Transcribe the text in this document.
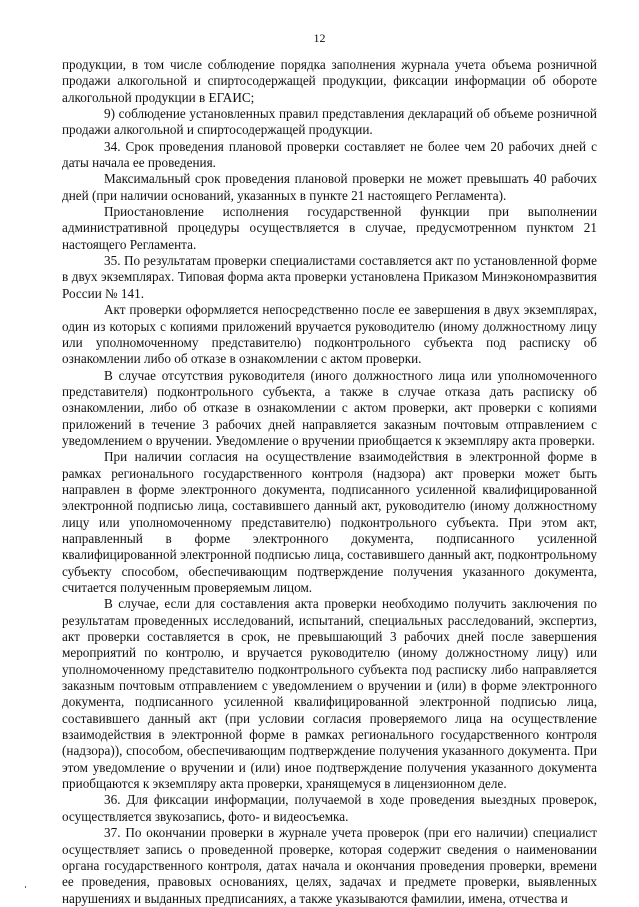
12

продукции, в том числе соблюдение порядка заполнения журнала учета объема розничной продажи алкогольной и спиртосодержащей продукции, фиксации информации об обороте алкогольной продукции в ЕГАИС;

9) соблюдение установленных правил представления деклараций об объеме розничной продажи алкогольной и спиртосодержащей продукции.

34. Срок проведения плановой проверки составляет не более чем 20 рабочих дней с даты начала ее проведения.

Максимальный срок проведения плановой проверки не может превышать 40 рабочих дней (при наличии оснований, указанных в пункте 21 настоящего Регламента).

Приостановление исполнения государственной функции при выполнении административной процедуры осуществляется в случае, предусмотренном пунктом 21 настоящего Регламента.

35. По результатам проверки специалистами составляется акт по установленной форме в двух экземплярах. Типовая форма акта проверки установлена Приказом Минэкономразвития России № 141.

Акт проверки оформляется непосредственно после ее завершения в двух экземплярах, один из которых с копиями приложений вручается руководителю (иному должностному лицу или уполномоченному представителю) подконтрольного субъекта под расписку об ознакомлении либо об отказе в ознакомлении с актом проверки.

В случае отсутствия руководителя (иного должностного лица или уполномоченного представителя) подконтрольного субъекта, а также в случае отказа дать расписку об ознакомлении, либо об отказе в ознакомлении с актом проверки, акт проверки с копиями приложений в течение 3 рабочих дней направляется заказным почтовым отправлением с уведомлением о вручении. Уведомление о вручении приобщается к экземпляру акта проверки.

При наличии согласия на осуществление взаимодействия в электронной форме в рамках регионального государственного контроля (надзора) акт проверки может быть направлен в форме электронного документа, подписанного усиленной квалифицированной электронной подписью лица, составившего данный акт, руководителю (иному должностному лицу или уполномоченному представителю) подконтрольного субъекта. При этом акт, направленный в форме электронного документа, подписанного усиленной квалифицированной электронной подписью лица, составившего данный акт, подконтрольному субъекту способом, обеспечивающим подтверждение получения указанного документа, считается полученным проверяемым лицом.

В случае, если для составления акта проверки необходимо получить заключения по результатам проведенных исследований, испытаний, специальных расследований, экспертиз, акт проверки составляется в срок, не превышающий 3 рабочих дней после завершения мероприятий по контролю, и вручается руководителю (иному должностному лицу) или уполномоченному представителю подконтрольного субъекта под расписку либо направляется заказным почтовым отправлением с уведомлением о вручении и (или) в форме электронного документа, подписанного усиленной квалифицированной электронной подписью лица, составившего данный акт (при условии согласия проверяемого лица на осуществление взаимодействия в электронной форме в рамках регионального государственного контроля (надзора)), способом, обеспечивающим подтверждение получения указанного документа. При этом уведомление о вручении и (или) иное подтверждение получения указанного документа приобщаются к экземпляру акта проверки, хранящемуся в лицензионном деле.

36. Для фиксации информации, получаемой в ходе проведения выездных проверок, осуществляется звукозапись, фото- и видеосъемка.

37. По окончании проверки в журнале учета проверок (при его наличии) специалист осуществляет запись о проведенной проверке, которая содержит сведения о наименовании органа государственного контроля, датах начала и окончания проведения проверки, времени ее проведения, правовых основаниях, целях, задачах и предмете проверки, выявленных нарушениях и выданных предписаниях, а также указываются фамилии, имена, отчества и
